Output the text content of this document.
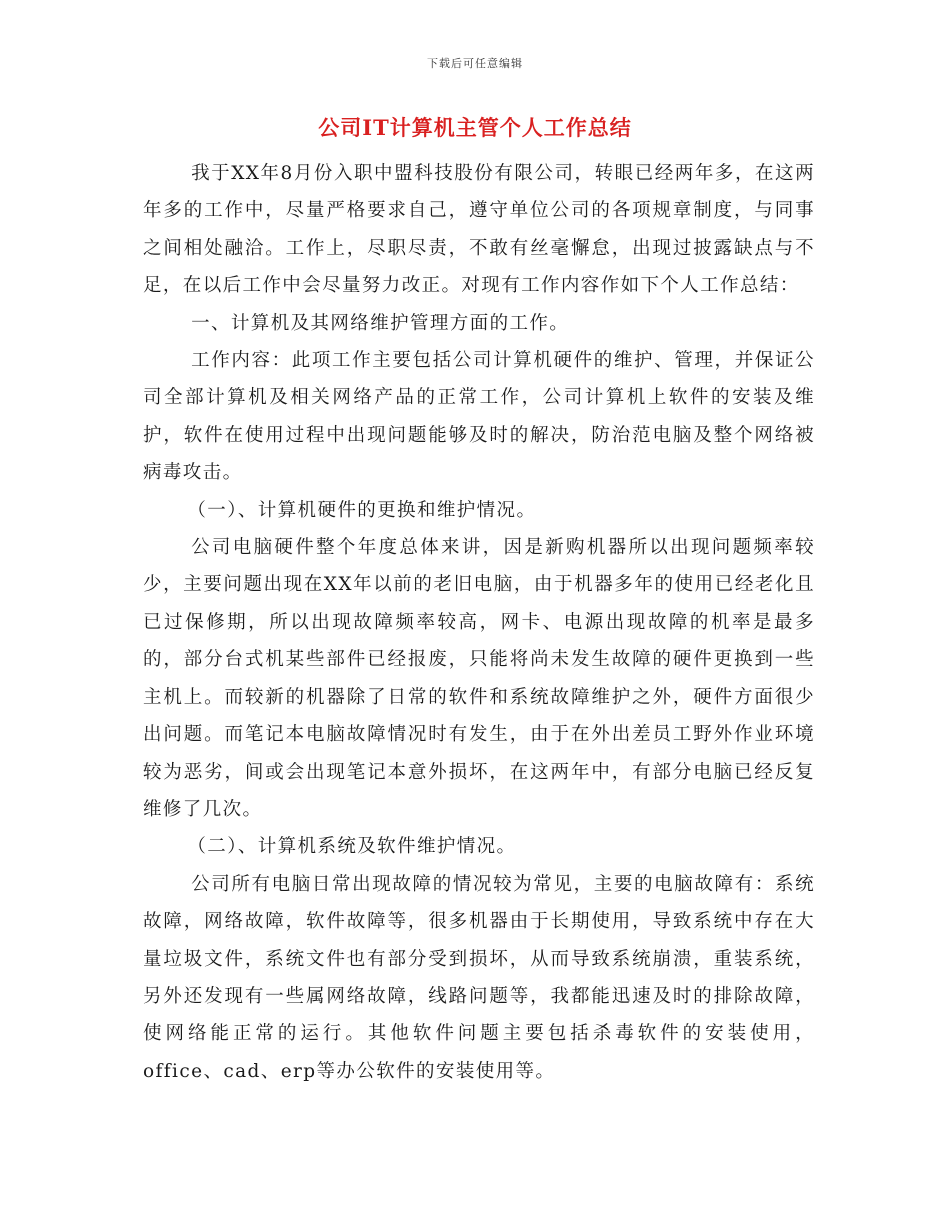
下载后可任意编辑
公司IT计算机主管个人工作总结

我于XX年8月份入职中盟科技股份有限公司，转眼已经两年多，在这两年多的工作中，尽量严格要求自己，遵守单位公司的各项规章制度，与同事之间相处融洽。工作上，尽职尽责，不敢有丝毫懈怠，出现过披露缺点与不足，在以后工作中会尽量努力改正。对现有工作内容作如下个人工作总结：

一、计算机及其网络维护管理方面的工作。

工作内容：此项工作主要包括公司计算机硬件的维护、管理，并保证公司全部计算机及相关网络产品的正常工作，公司计算机上软件的安装及维护，软件在使用过程中出现问题能够及时的解决，防治范电脑及整个网络被病毒攻击。

（一）、计算机硬件的更换和维护情况。

公司电脑硬件整个年度总体来讲，因是新购机器所以出现问题频率较少，主要问题出现在XX年以前的老旧电脑，由于机器多年的使用已经老化且已过保修期，所以出现故障频率较高，网卡、电源出现故障的机率是最多的，部分台式机某些部件已经报废，只能将尚未发生故障的硬件更换到一些主机上。而较新的机器除了日常的软件和系统故障维护之外，硬件方面很少出问题。而笔记本电脑故障情况时有发生，由于在外出差员工野外作业环境较为恶劣，间或会出现笔记本意外损坏，在这两年中，有部分电脑已经反复维修了几次。

（二）、计算机系统及软件维护情况。

公司所有电脑日常出现故障的情况较为常见，主要的电脑故障有：系统故障，网络故障，软件故障等，很多机器由于长期使用，导致系统中存在大量垃圾文件，系统文件也有部分受到损坏，从而导致系统崩溃，重装系统，另外还发现有一些属网络故障，线路问题等，我都能迅速及时的排除故障，使网络能正常的运行。其他软件问题主要包括杀毒软件的安装使用，office、cad、erp等办公软件的安装使用等。
